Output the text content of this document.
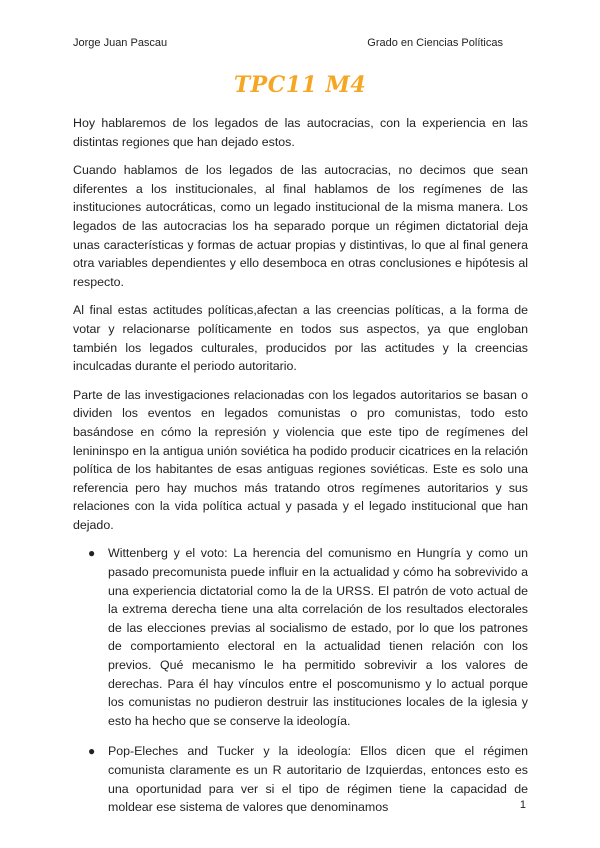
Jorge Juan Pascau	Grado en Ciencias Políticas
TPC11 M4

Hoy hablaremos de los legados de las autocracias, con la experiencia en las distintas regiones que han dejado estos.

Cuando hablamos de los legados de las autocracias, no decimos que sean diferentes a los institucionales, al final hablamos de los regímenes de las instituciones autocráticas, como un legado institucional de la misma manera. Los legados de las autocracias los ha separado porque un régimen dictatorial deja unas características y formas de actuar propias y distintivas, lo que al final genera otra variables dependientes y ello desemboca en otras conclusiones e hipótesis al respecto.

Al final estas actitudes políticas,afectan a las creencias políticas, a la forma de votar y relacionarse políticamente en todos sus aspectos, ya que engloban también los legados culturales, producidos por las actitudes y la creencias inculcadas durante el periodo autoritario.

Parte de las investigaciones relacionadas con los legados autoritarios se basan o dividen los eventos en legados comunistas o pro comunistas, todo esto basándose en cómo la represión y violencia que este tipo de regímenes del lenininspo en la antigua unión soviética ha podido producir cicatrices en la relación política de los habitantes de esas antiguas regiones soviéticas. Este es solo una referencia pero hay muchos más tratando otros regímenes autoritarios y sus relaciones con la vida política actual y pasada y el legado institucional que han dejado.

● Wittenberg y el voto: La herencia del comunismo en Hungría y como un pasado precomunista puede influir en la actualidad y cómo ha sobrevivido a una experiencia dictatorial como la de la URSS. El patrón de voto actual de la extrema derecha tiene una alta correlación de los resultados electorales de las elecciones previas al socialismo de estado, por lo que los patrones de comportamiento electoral en la actualidad tienen relación con los previos. Qué mecanismo le ha permitido sobrevivir a los valores de derechas. Para él hay vínculos entre el poscomunismo y lo actual porque los comunistas no pudieron destruir las instituciones locales de la iglesia y esto ha hecho que se conserve la ideología.
● Pop-Eleches and Tucker y la ideología: Ellos dicen que el régimen comunista claramente es un R autoritario de Izquierdas, entonces esto es una oportunidad para ver si el tipo de régimen tiene la capacidad de moldear ese sistema de valores que denominamos	1
